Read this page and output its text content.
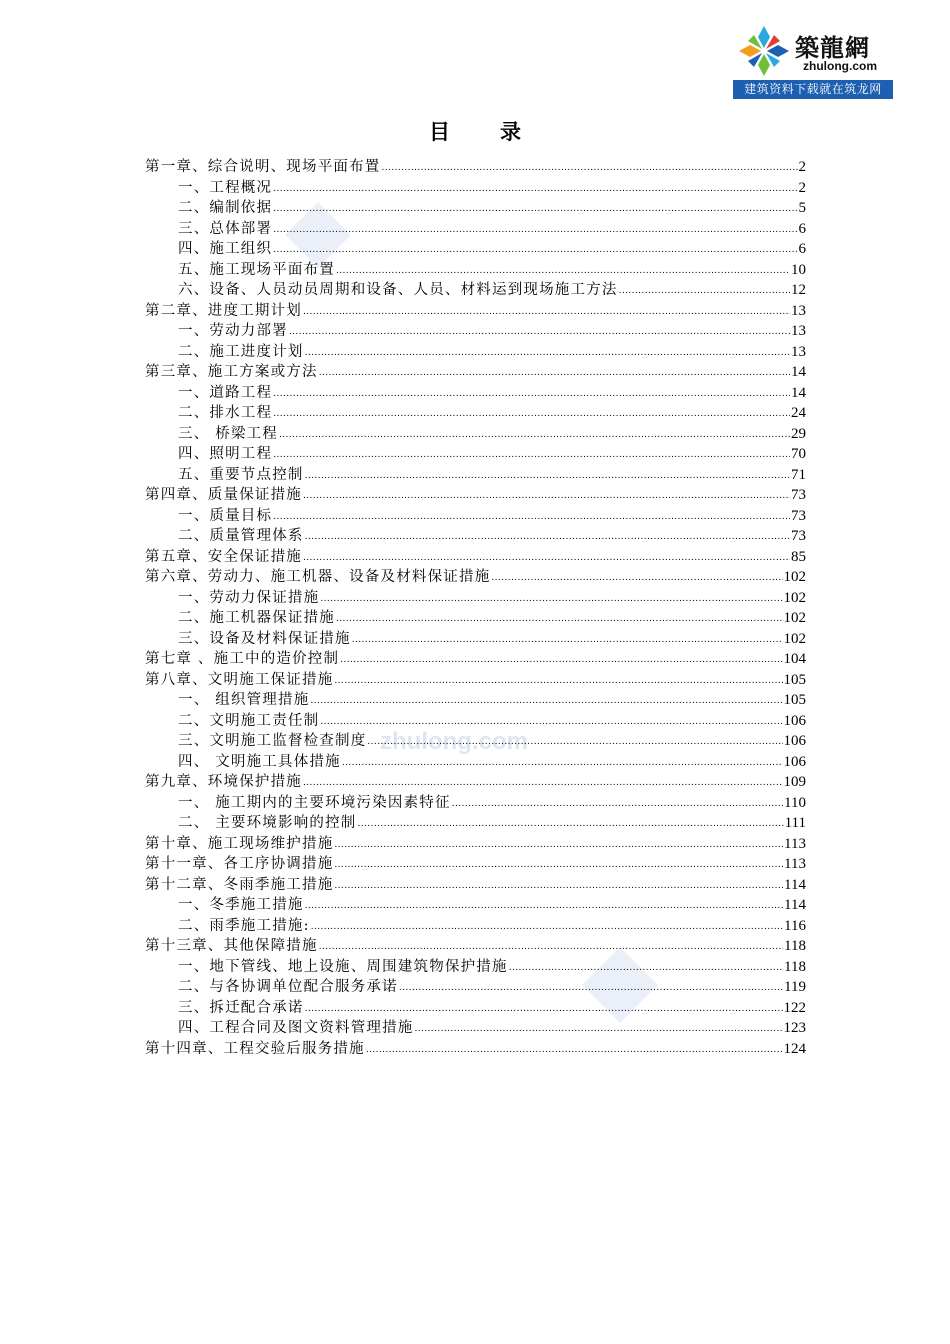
築龍網
zhulong.com
建筑资料下载就在筑龙网
zhulong.com
目 录
第一章、综合说明、现场平面布置 .....	2
一、工程概况 .....	2
二、编制依据 .....	5
三、总体部署 .....	6
四、施工组织 .....	6
五、施工现场平面布置 .....	10
六、设备、人员动员周期和设备、人员、材料运到现场施工方法 .....	12
第二章、进度工期计划 .....	13
一、劳动力部署 .....	13
二、施工进度计划 .....	13
第三章、施工方案或方法 .....	14
一、道路工程 .....	14
二、排水工程 .....	24
三、 桥梁工程 .....	29
四、照明工程 .....	70
五、重要节点控制 .....	71
第四章、质量保证措施 .....	73
一、质量目标 .....	73
二、质量管理体系 .....	73
第五章、安全保证措施 .....	85
第六章、劳动力、施工机器、设备及材料保证措施 .....	102
一、劳动力保证措施 .....	102
二、施工机器保证措施 .....	102
三、设备及材料保证措施 .....	102
第七章 、施工中的造价控制 .....	104
第八章、文明施工保证措施 .....	105
一、 组织管理措施 .....	105
二、文明施工责任制 .....	106
三、文明施工监督检查制度 .....	106
四、 文明施工具体措施 .....	106
第九章、环境保护措施 .....	109
一、 施工期内的主要环境污染因素特征 .....	110
二、 主要环境影响的控制 .....	111
第十章、施工现场维护措施 .....	113
第十一章、各工序协调措施 .....	113
第十二章、冬雨季施工措施 .....	114
一、冬季施工措施 .....	114
二、雨季施工措施: .....	116
第十三章、其他保障措施 .....	118
一、地下管线、地上设施、周围建筑物保护措施 .....	118
二、与各协调单位配合服务承诺 .....	119
三、拆迁配合承诺 .....	122
四、工程合同及图文资料管理措施 .....	123
第十四章、工程交验后服务措施 .....	124
